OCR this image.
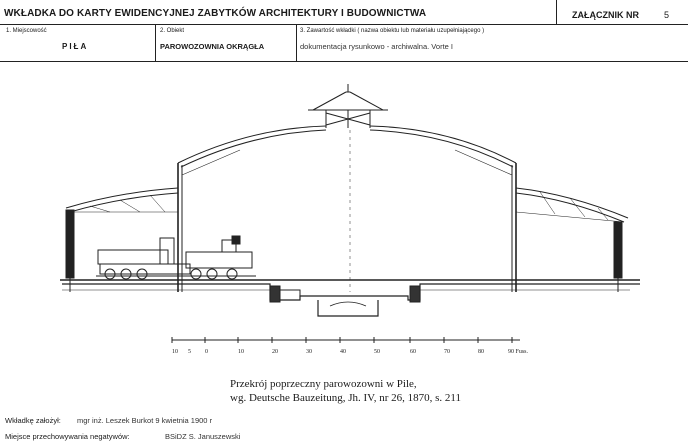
WKŁADKA DO KARTY EWIDENCYJNEJ ZABYTKÓW ARCHITEKTURY I BUDOWNICTWA	ZAŁĄCZNIK NR	5
1. Miejscowość
PIŁA
2. Obiekt
PAROWOZOWNIA OKRĄGŁA
3. Zawartość wkładki ( nazwa obiektu lub materiału uzupełniającego )
dokumentacja rysunkowo - archiwalna. Vorte I
10 5 0	10	20	30	40	50	60	70	80	90 Fuss.
Przekrój poprzeczny parowozowni w Pile,
wg. Deutsche Bauzeitung, Jh. IV, nr 26, 1870, s. 211
Wkładkę założył: mgr inż. Leszek Burkot 9 kwietnia 1900 r
Miejsce przechowywania negatywów:	BSiDZ S. Januszewski
